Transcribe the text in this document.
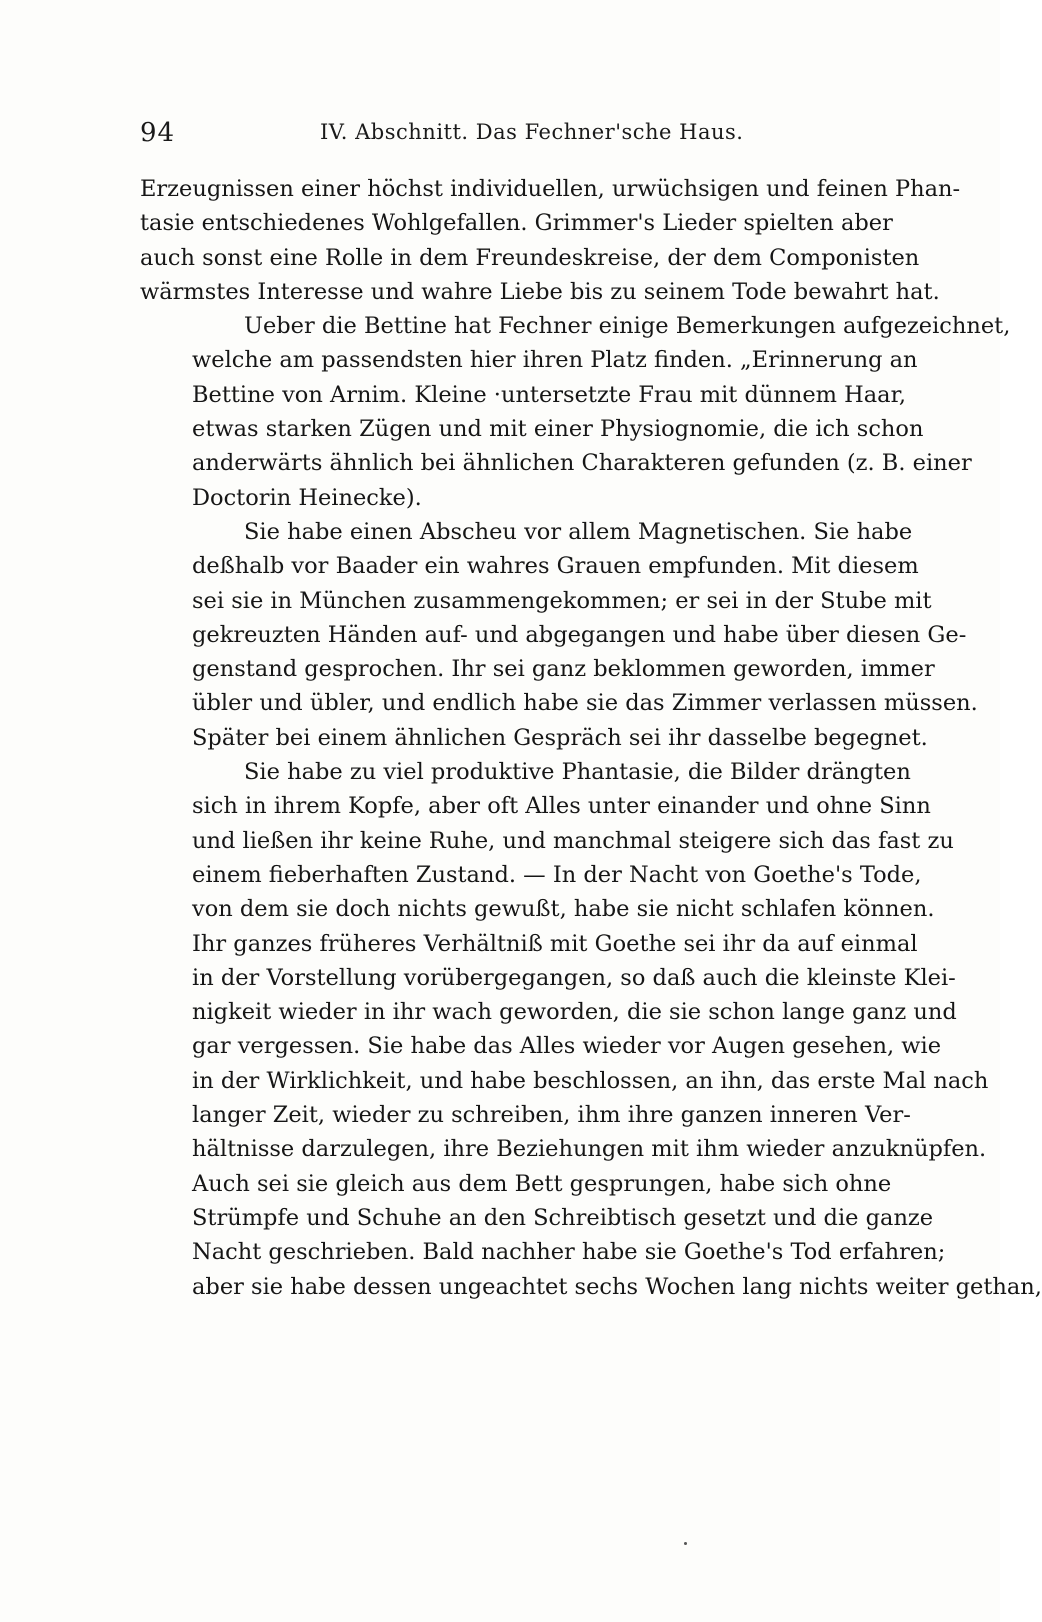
94	IV. Abschnitt. Das Fechner'sche Haus.
Erzeugnissen einer höchst individuellen, urwüchsigen und feinen Phan-
tasie entschiedenes Wohlgefallen. Grimmer's Lieder spielten aber
auch sonst eine Rolle in dem Freundeskreise, der dem Componisten
wärmstes Interesse und wahre Liebe bis zu seinem Tode bewahrt hat.
Ueber die Bettine hat Fechner einige Bemerkungen aufgezeichnet,
welche am passendsten hier ihren Platz finden. „Erinnerung an
Bettine von Arnim. Kleine ·untersetzte Frau mit dünnem Haar,
etwas starken Zügen und mit einer Physiognomie, die ich schon
anderwärts ähnlich bei ähnlichen Charakteren gefunden (z. B. einer
Doctorin Heinecke).
Sie habe einen Abscheu vor allem Magnetischen. Sie habe
deßhalb vor Baader ein wahres Grauen empfunden. Mit diesem
sei sie in München zusammengekommen; er sei in der Stube mit
gekreuzten Händen auf- und abgegangen und habe über diesen Ge-
genstand gesprochen. Ihr sei ganz beklommen geworden, immer
übler und übler, und endlich habe sie das Zimmer verlassen müssen.
Später bei einem ähnlichen Gespräch sei ihr dasselbe begegnet.
Sie habe zu viel produktive Phantasie, die Bilder drängten
sich in ihrem Kopfe, aber oft Alles unter einander und ohne Sinn
und ließen ihr keine Ruhe, und manchmal steigere sich das fast zu
einem fieberhaften Zustand. — In der Nacht von Goethe's Tode,
von dem sie doch nichts gewußt, habe sie nicht schlafen können.
Ihr ganzes früheres Verhältniß mit Goethe sei ihr da auf einmal
in der Vorstellung vorübergegangen, so daß auch die kleinste Klei-
nigkeit wieder in ihr wach geworden, die sie schon lange ganz und
gar vergessen. Sie habe das Alles wieder vor Augen gesehen, wie
in der Wirklichkeit, und habe beschlossen, an ihn, das erste Mal nach
langer Zeit, wieder zu schreiben, ihm ihre ganzen inneren Ver-
hältnisse darzulegen, ihre Beziehungen mit ihm wieder anzuknüpfen.
Auch sei sie gleich aus dem Bett gesprungen, habe sich ohne
Strümpfe und Schuhe an den Schreibtisch gesetzt und die ganze
Nacht geschrieben. Bald nachher habe sie Goethe's Tod erfahren;
aber sie habe dessen ungeachtet sechs Wochen lang nichts weiter gethan,
